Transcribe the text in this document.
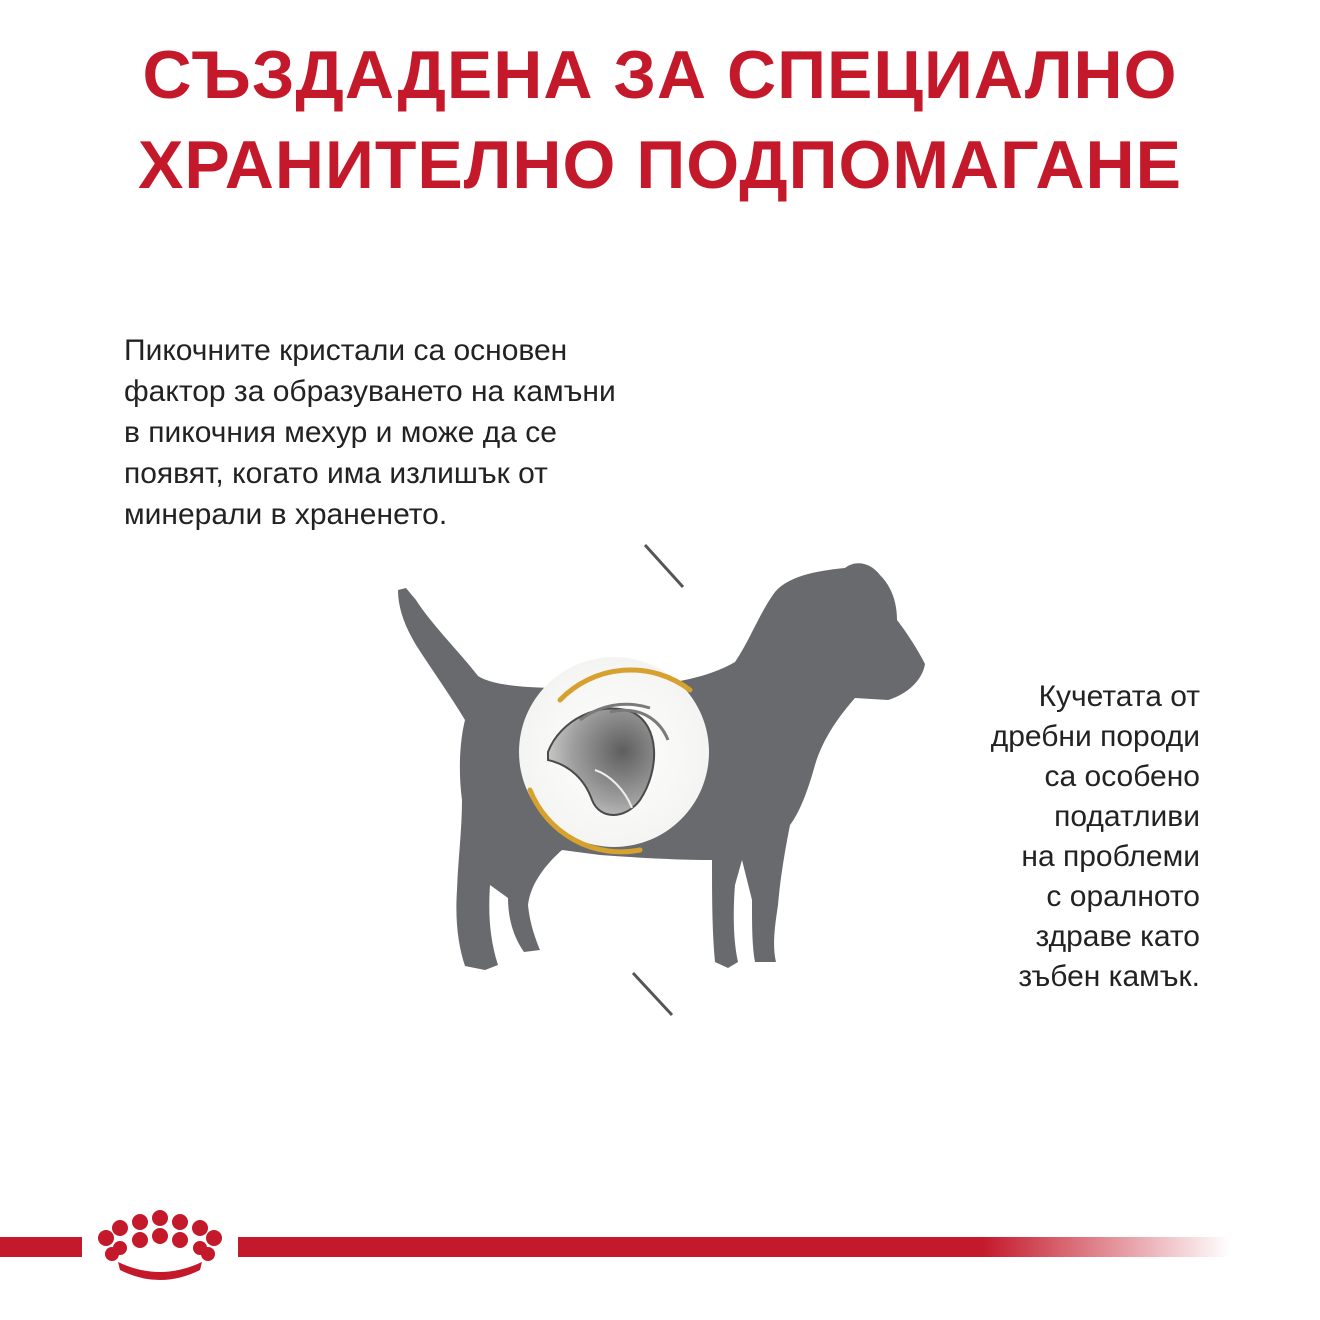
СЪЗДАДЕНА ЗА СПЕЦИАЛНО
ХРАНИТЕЛНО ПОДПОМАГАНЕ
Пикочните кристали са основен
фактор за образуването на камъни
в пикочния мехур и може да се
появят, когато има излишък от
минерали в храненето.
Кучетата от
дребни породи
са особено
податливи
на проблеми
с оралното
здраве като
зъбен камък.
